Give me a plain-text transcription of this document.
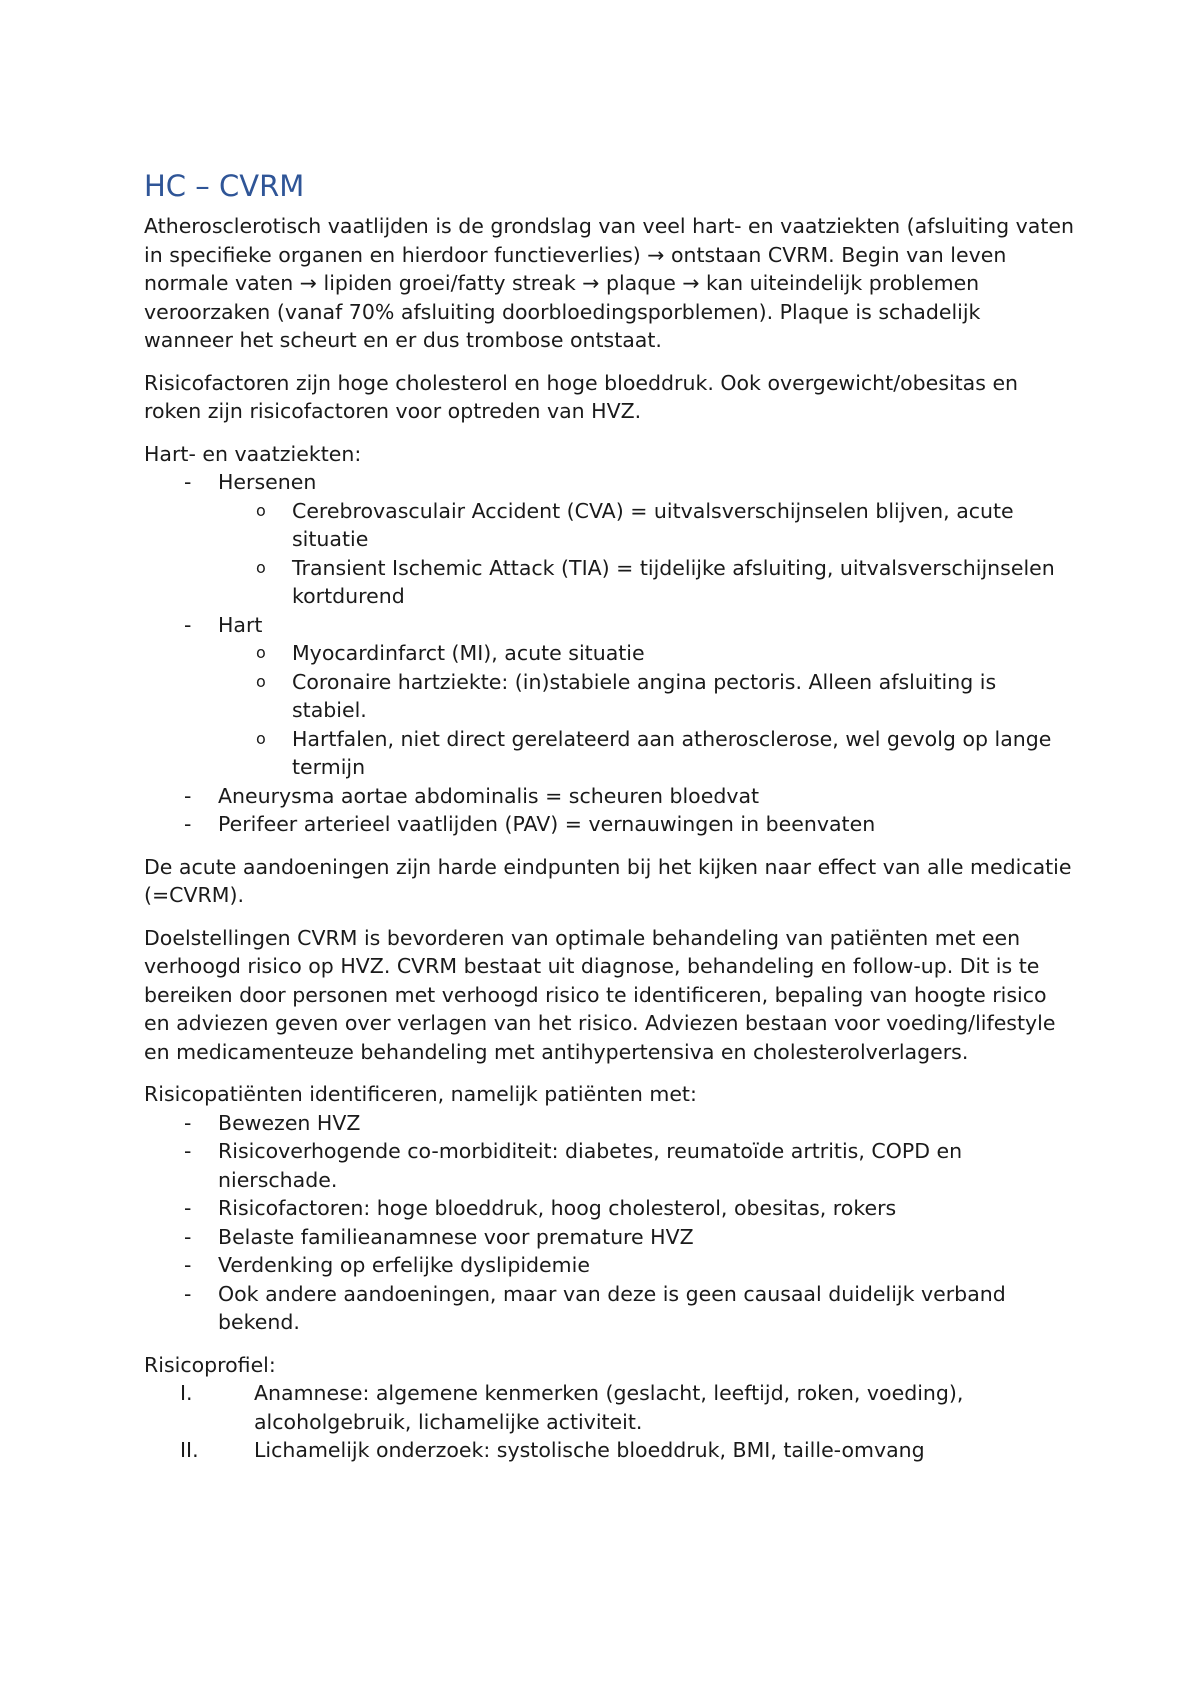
HC – CVRM

Atherosclerotisch vaatlijden is de grondslag van veel hart- en vaatziekten (afsluiting vaten in specifieke organen en hierdoor functieverlies) → ontstaan CVRM. Begin van leven normale vaten → lipiden groei/fatty streak → plaque → kan uiteindelijk problemen veroorzaken (vanaf 70% afsluiting doorbloedingsporblemen). Plaque is schadelijk wanneer het scheurt en er dus trombose ontstaat.

Risicofactoren zijn hoge cholesterol en hoge bloeddruk. Ook overgewicht/obesitas en roken zijn risicofactoren voor optreden van HVZ.

Hart- en vaatziekten:

- Hersenen
o Cerebrovasculair Accident (CVA) = uitvalsverschijnselen blijven, acute situatie
o Transient Ischemic Attack (TIA) = tijdelijke afsluiting, uitvalsverschijnselen kortdurend
- Hart
o Myocardinfarct (MI), acute situatie
o Coronaire hartziekte: (in)stabiele angina pectoris. Alleen afsluiting is stabiel.
o Hartfalen, niet direct gerelateerd aan atherosclerose, wel gevolg op lange termijn
- Aneurysma aortae abdominalis = scheuren bloedvat
- Perifeer arterieel vaatlijden (PAV) = vernauwingen in beenvaten

De acute aandoeningen zijn harde eindpunten bij het kijken naar effect van alle medicatie (=CVRM).

Doelstellingen CVRM is bevorderen van optimale behandeling van patiënten met een verhoogd risico op HVZ. CVRM bestaat uit diagnose, behandeling en follow-up. Dit is te bereiken door personen met verhoogd risico te identificeren, bepaling van hoogte risico en adviezen geven over verlagen van het risico. Adviezen bestaan voor voeding/lifestyle en medicamenteuze behandeling met antihypertensiva en cholesterolverlagers.

Risicopatiënten identificeren, namelijk patiënten met:

- Bewezen HVZ
- Risicoverhogende co-morbiditeit: diabetes, reumatoïde artritis, COPD en nierschade.
- Risicofactoren: hoge bloeddruk, hoog cholesterol, obesitas, rokers
- Belaste familieanamnese voor premature HVZ
- Verdenking op erfelijke dyslipidemie
- Ook andere aandoeningen, maar van deze is geen causaal duidelijk verband bekend.

Risicoprofiel:

I.	Anamnese: algemene kenmerken (geslacht, leeftijd, roken, voeding), alcoholgebruik, lichamelijke activiteit.
II.	Lichamelijk onderzoek: systolische bloeddruk, BMI, taille-omvang
